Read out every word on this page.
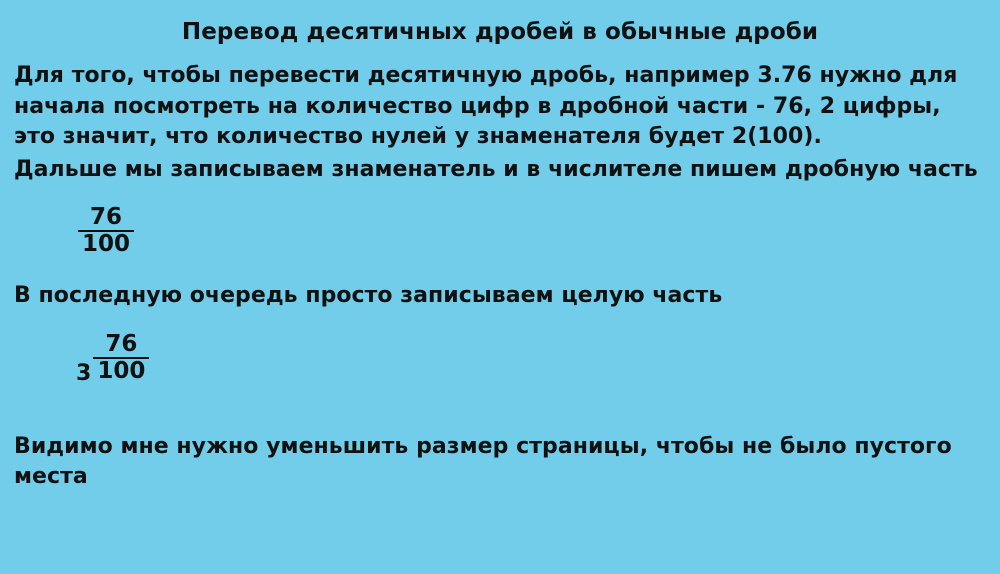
Перевод десятичных дробей в обычные дроби

Для того, чтобы перевести десятичную дробь, например 3.76 нужно для начала посмотреть на количество цифр в дробной части - 76, 2 цифры, это значит, что количество нулей у знаменателя будет 2(100).

Дальше мы записываем знаменатель и в числителе пишем дробную часть

$\frac{76}{100}$

В последную очередь просто записываем целую часть

$3 \frac{76}{100}$

Видимо мне нужно уменьшить размер страницы, чтобы не было пустого места
